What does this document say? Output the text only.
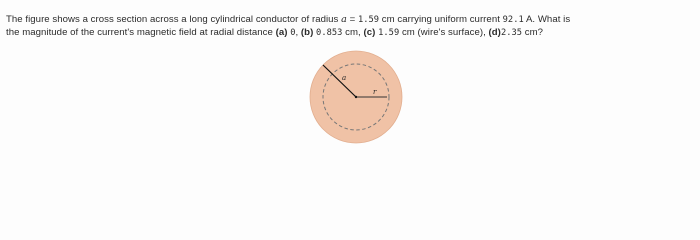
The figure shows a cross section across a long cylindrical conductor of radius a = 1.59 cm carrying uniform current 92.1 A. What is
the magnitude of the current's magnetic field at radial distance (a) 0, (b) 0.853 cm, (c) 1.59 cm (wire's surface), (d)2.35 cm?
a
r
